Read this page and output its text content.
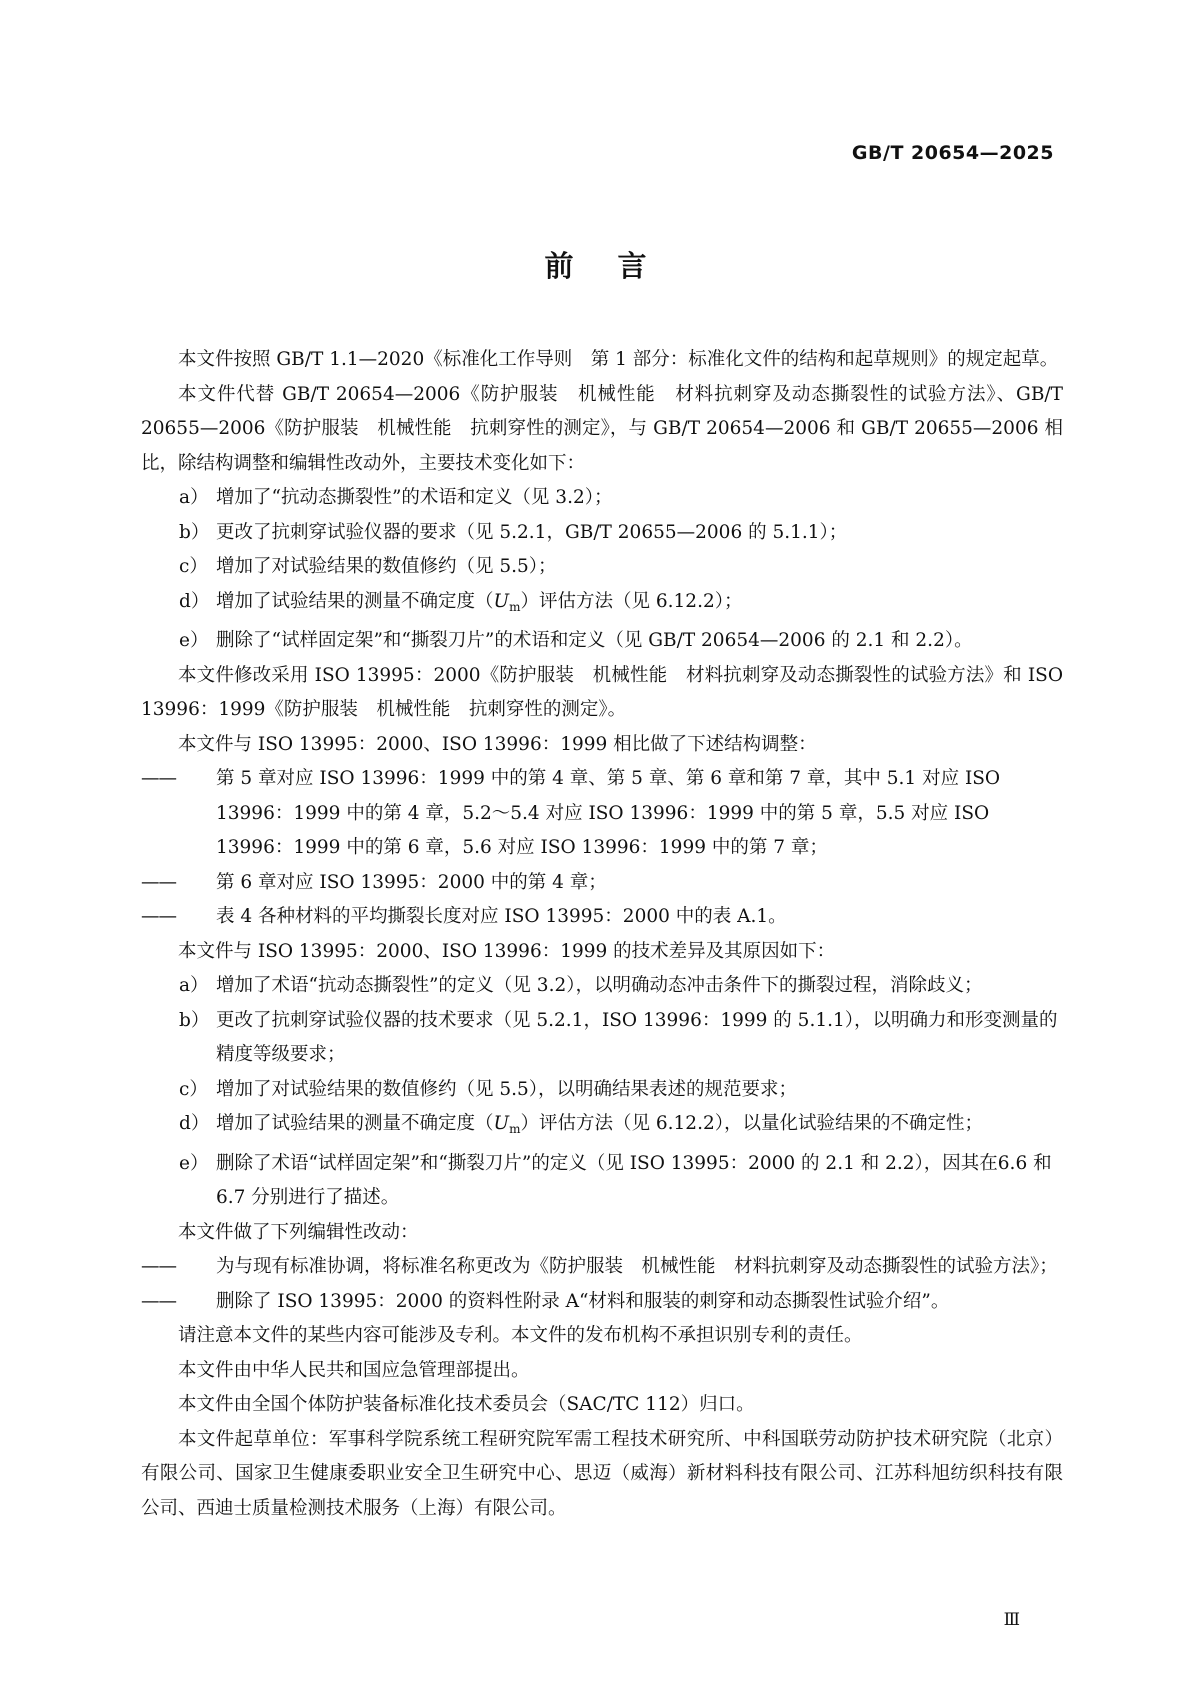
GB/T 20654—2025
前言

本文件按照 GB/T 1.1—2020《标准化工作导则　第 1 部分：标准化文件的结构和起草规则》的规定起草。

本文件代替 GB/T 20654—2006《防护服装　机械性能　材料抗刺穿及动态撕裂性的试验方法》、GB/T 20655—2006《防护服装　机械性能　抗刺穿性的测定》，与 GB/T 20654—2006 和 GB/T 20655—2006 相比，除结构调整和编辑性改动外，主要技术变化如下：

a） 增加了“抗动态撕裂性”的术语和定义（见 3.2）；

b） 更改了抗刺穿试验仪器的要求（见 5.2.1，GB/T 20655—2006 的 5.1.1）；

c） 增加了对试验结果的数值修约（见 5.5）；

d） 增加了试验结果的测量不确定度$(U_m)$评估方法（见 6.12.2）；

e） 删除了“试样固定架”和“撕裂刀片”的术语和定义（见 GB/T 20654—2006 的 2.1 和 2.2）。

本文件修改采用 ISO 13995：2000《防护服装　机械性能　材料抗刺穿及动态撕裂性的试验方法》和 ISO 13996：1999《防护服装　机械性能　抗刺穿性的测定》。

本文件与 ISO 13995：2000、ISO 13996：1999 相比做了下述结构调整：

—— 第 5 章对应 ISO 13996：1999 中的第 4 章、第 5 章、第 6 章和第 7 章，其中 5.1 对应 ISO 13996：1999 中的第 4 章，5.2～5.4 对应 ISO 13996：1999 中的第 5 章，5.5 对应 ISO 13996：1999 中的第 6 章，5.6 对应 ISO 13996：1999 中的第 7 章；

—— 第 6 章对应 ISO 13995：2000 中的第 4 章；

—— 表 4 各种材料的平均撕裂长度对应 ISO 13995：2000 中的表 A.1。

本文件与 ISO 13995：2000、ISO 13996：1999 的技术差异及其原因如下：

a） 增加了术语“抗动态撕裂性”的定义（见 3.2），以明确动态冲击条件下的撕裂过程，消除歧义；

b） 更改了抗刺穿试验仪器的技术要求（见 5.2.1，ISO 13996：1999 的 5.1.1），以明确力和形变测量的精度等级要求；

c） 增加了对试验结果的数值修约（见 5.5），以明确结果表述的规范要求；

d） 增加了试验结果的测量不确定度$(U_m)$评估方法（见 6.12.2），以量化试验结果的不确定性；

e） 删除了术语“试样固定架”和“撕裂刀片”的定义（见 ISO 13995：2000 的 2.1 和 2.2），因其在6.6 和 6.7 分别进行了描述。

本文件做了下列编辑性改动：

—— 为与现有标准协调，将标准名称更改为《防护服装　机械性能　材料抗刺穿及动态撕裂性的试验方法》；

—— 删除了 ISO 13995：2000 的资料性附录 A“材料和服装的刺穿和动态撕裂性试验介绍”。

请注意本文件的某些内容可能涉及专利。本文件的发布机构不承担识别专利的责任。

本文件由中华人民共和国应急管理部提出。

本文件由全国个体防护装备标准化技术委员会（SAC/TC 112）归口。

本文件起草单位：军事科学院系统工程研究院军需工程技术研究所、中科国联劳动防护技术研究院（北京）有限公司、国家卫生健康委职业安全卫生研究中心、思迈（威海）新材料科技有限公司、江苏科旭纺织科技有限公司、西迪士质量检测技术服务（上海）有限公司。

Ⅲ
